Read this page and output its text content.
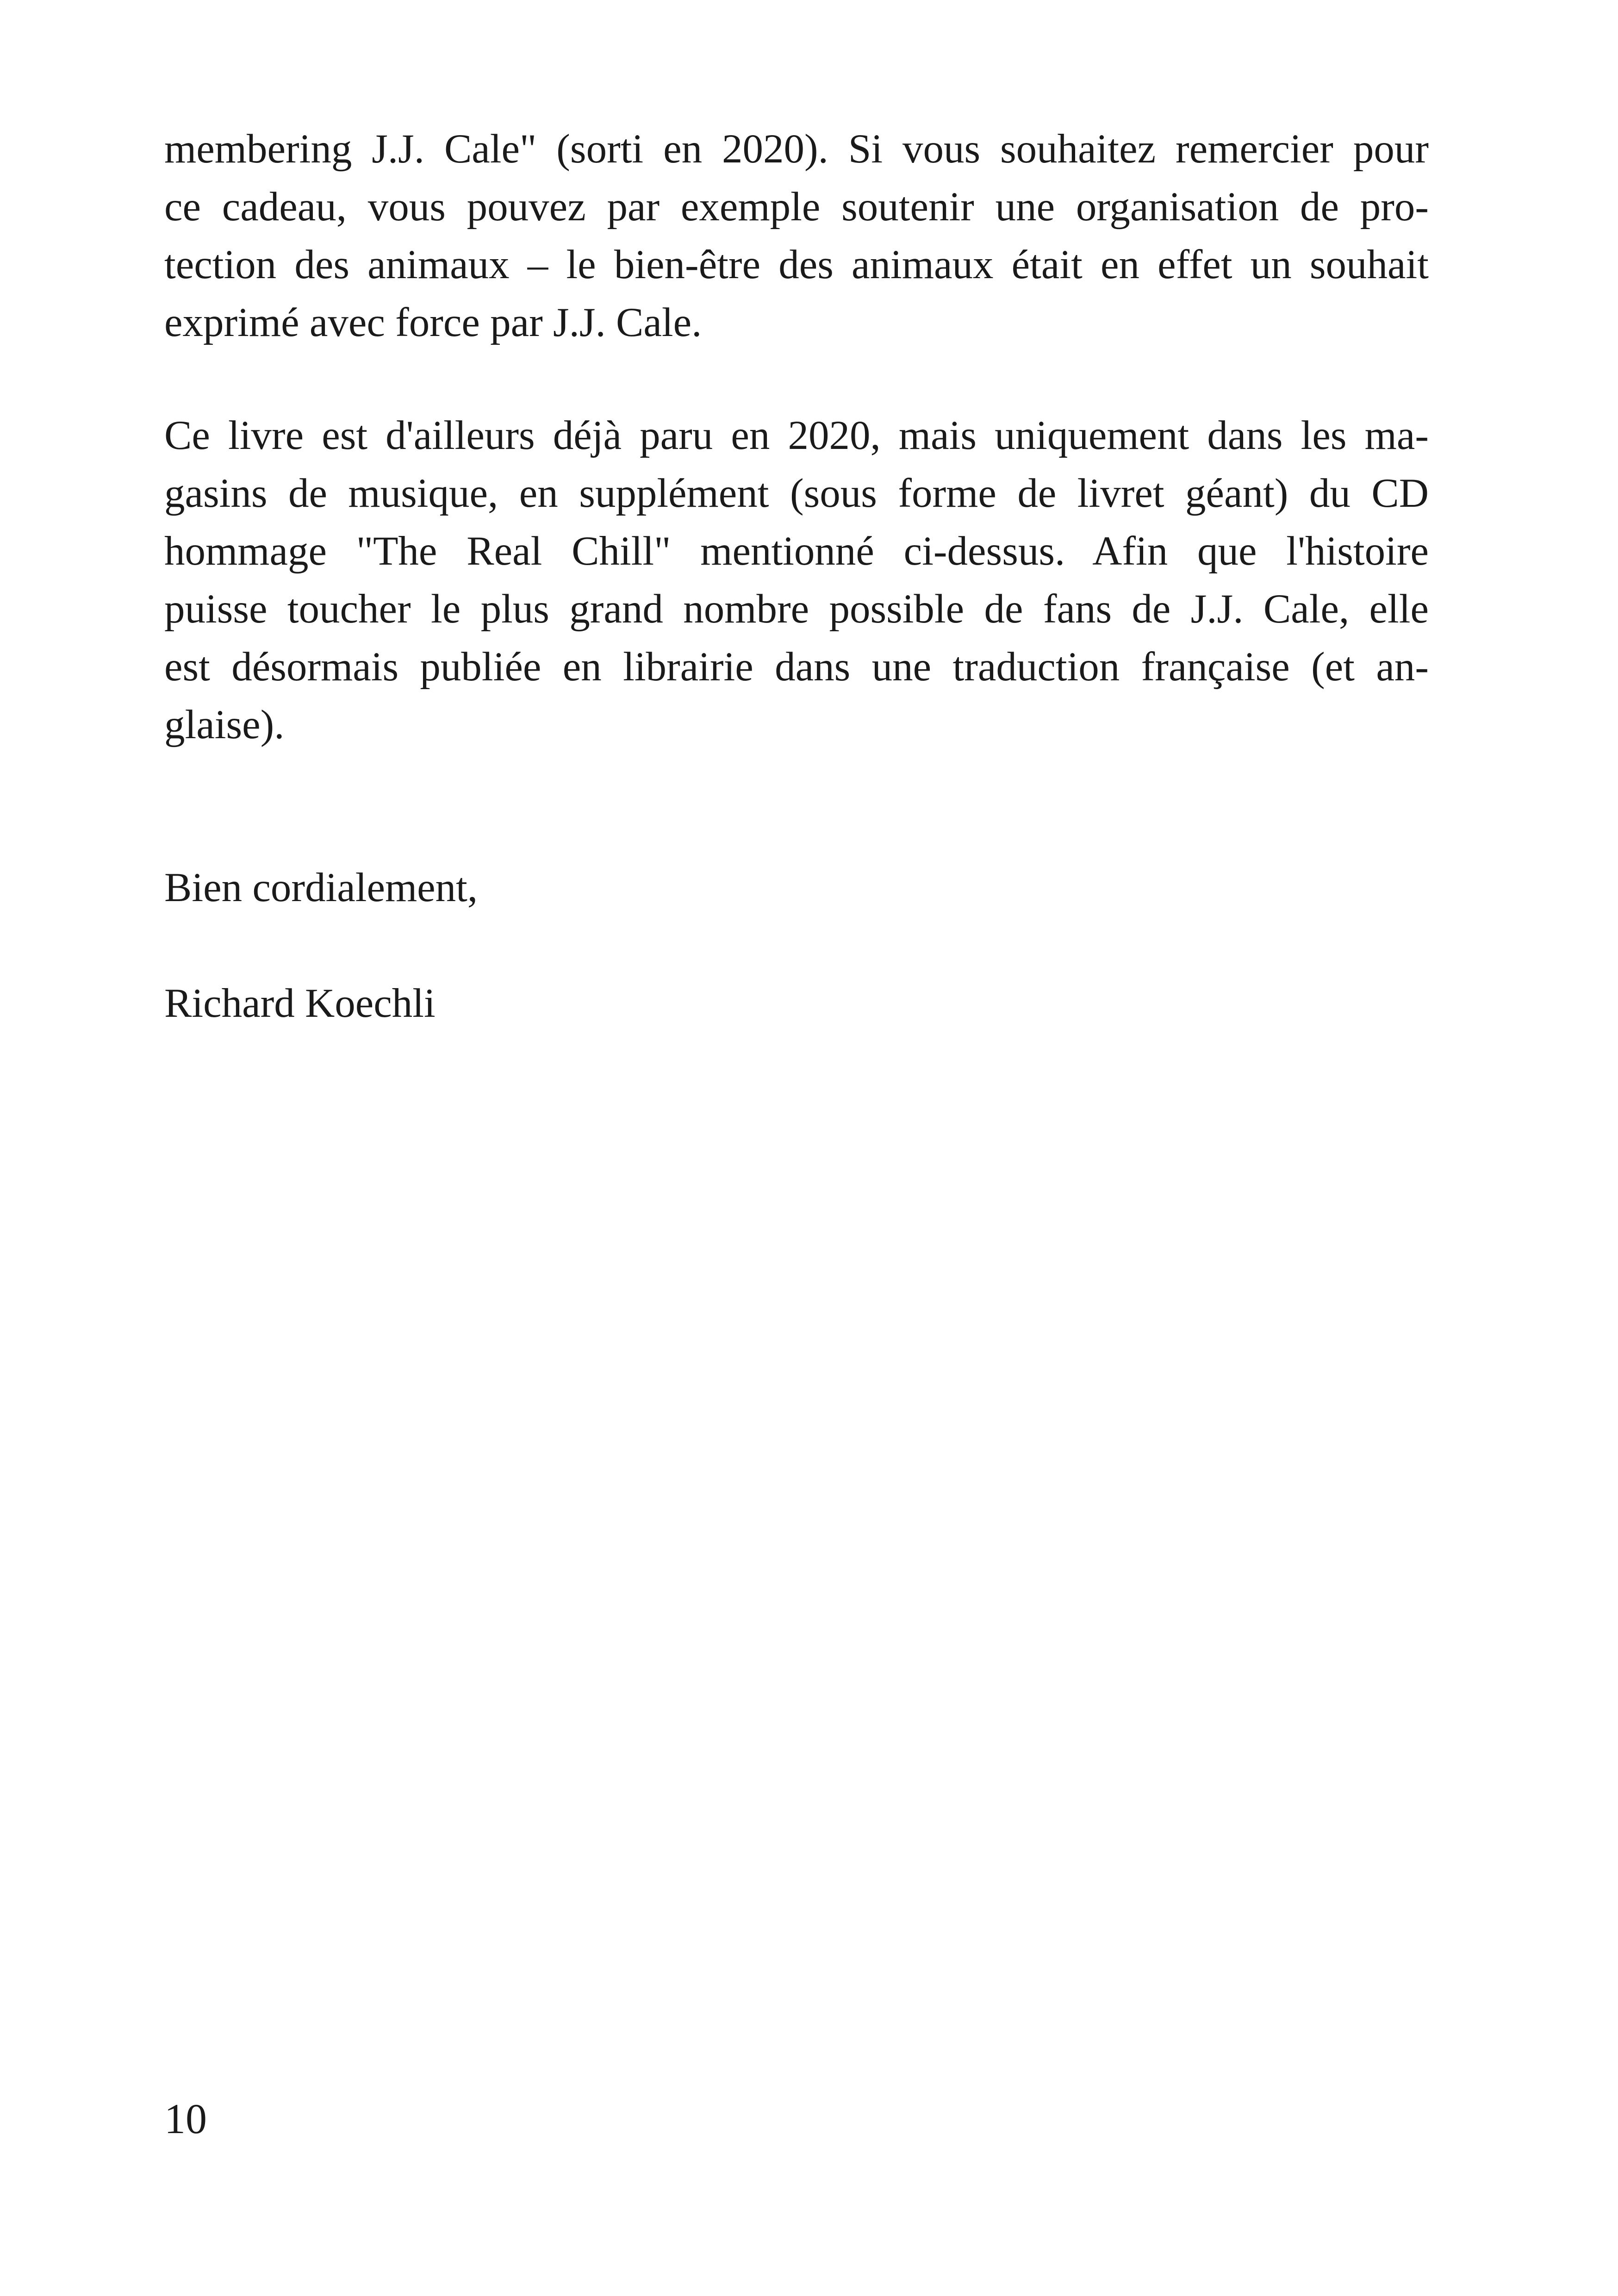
membering J.J. Cale" (sorti en 2020). Si vous souhaitez remercier pour
ce cadeau, vous pouvez par exemple soutenir une organisation de pro-
tection des animaux – le bien-être des animaux était en effet un souhait
exprimé avec force par J.J. Cale.
Ce livre est d'ailleurs déjà paru en 2020, mais uniquement dans les ma-
gasins de musique, en supplément (sous forme de livret géant) du CD
hommage "The Real Chill" mentionné ci-dessus. Afin que l'histoire
puisse toucher le plus grand nombre possible de fans de J.J. Cale, elle
est désormais publiée en librairie dans une traduction française (et an-
glaise).
Bien cordialement,
Richard Koechli
10
